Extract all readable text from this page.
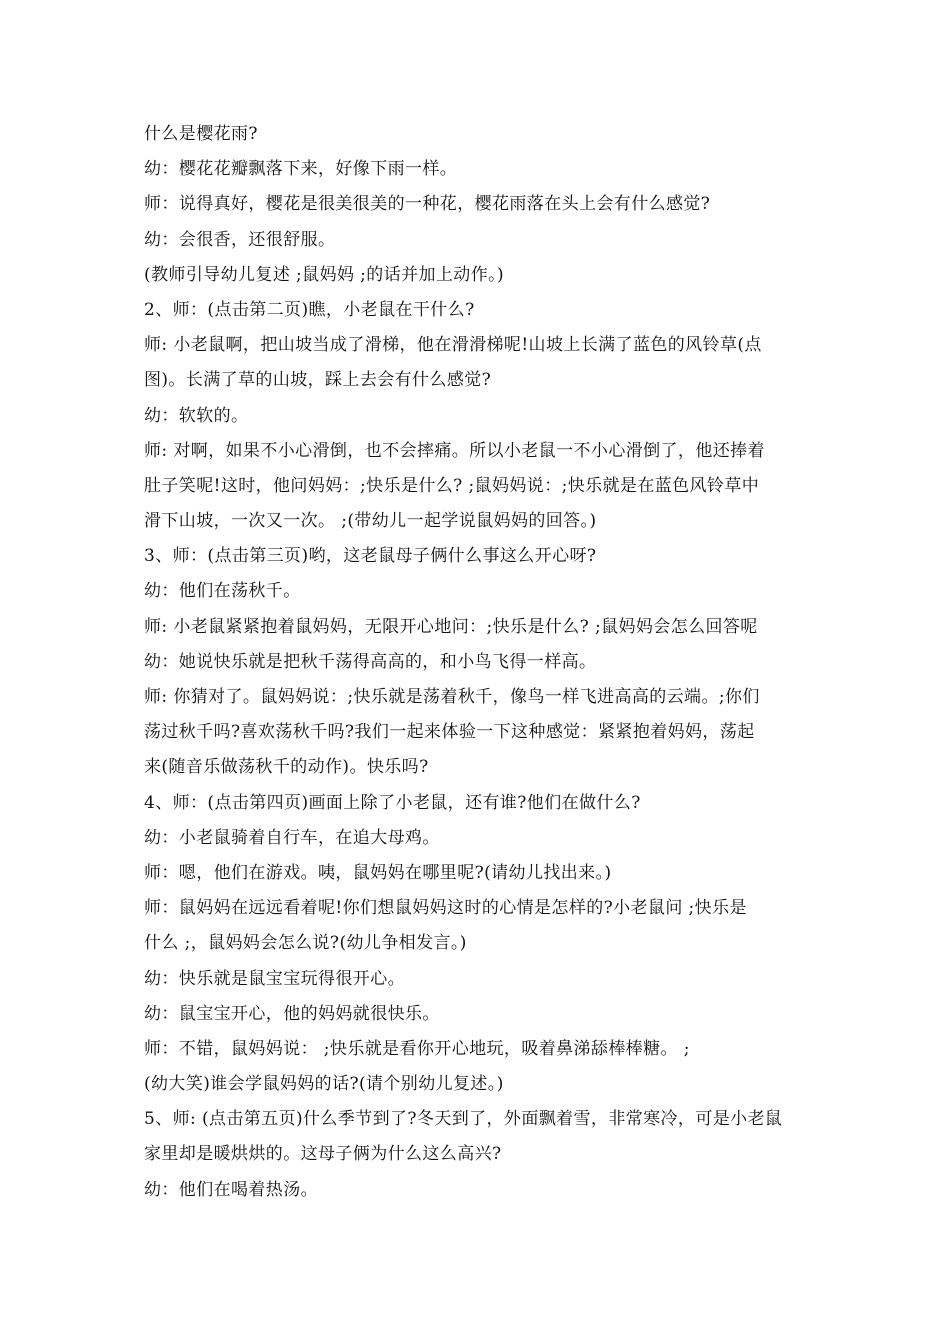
什么是樱花雨?
幼：樱花花瓣飘落下来，好像下雨一样。
师：说得真好，樱花是很美很美的一种花，樱花雨落在头上会有什么感觉?
幼：会很香，还很舒服。
(教师引导幼儿复述 ;鼠妈妈 ;的话并加上动作。)
2、师：(点击第二页)瞧，小老鼠在干什么?
师: 小老鼠啊，把山坡当成了滑梯，他在滑滑梯呢!山坡上长满了蓝色的风铃草(点
图)。长满了草的山坡，踩上去会有什么感觉?
幼：软软的。
师: 对啊，如果不小心滑倒，也不会摔痛。所以小老鼠一不小心滑倒了，他还捧着
肚子笑呢!这时，他问妈妈：;快乐是什么? ;鼠妈妈说：;快乐就是在蓝色风铃草中
滑下山坡，一次又一次。 ;(带幼儿一起学说鼠妈妈的回答。)
3、师：(点击第三页)哟，这老鼠母子俩什么事这么开心呀?
幼：他们在荡秋千。
师: 小老鼠紧紧抱着鼠妈妈，无限开心地问：;快乐是什么? ;鼠妈妈会怎么回答呢
幼：她说快乐就是把秋千荡得高高的，和小鸟飞得一样高。
师: 你猜对了。鼠妈妈说：;快乐就是荡着秋千，像鸟一样飞进高高的云端。;你们
荡过秋千吗?喜欢荡秋千吗?我们一起来体验一下这种感觉：紧紧抱着妈妈，荡起
来(随音乐做荡秋千的动作)。快乐吗?
4、师：(点击第四页)画面上除了小老鼠，还有谁?他们在做什么?
幼：小老鼠骑着自行车，在追大母鸡。
师：嗯，他们在游戏。咦，鼠妈妈在哪里呢?(请幼儿找出来。)
师：鼠妈妈在远远看着呢!你们想鼠妈妈这时的心情是怎样的?小老鼠问 ;快乐是
什么 ;，鼠妈妈会怎么说?(幼儿争相发言。)
幼：快乐就是鼠宝宝玩得很开心。
幼：鼠宝宝开心，他的妈妈就很快乐。
师：不错，鼠妈妈说： ;快乐就是看你开心地玩，吸着鼻涕舔棒棒糖。 ;
(幼大笑)谁会学鼠妈妈的话?(请个别幼儿复述。)
5、师: (点击第五页)什么季节到了?冬天到了，外面飘着雪，非常寒冷，可是小老鼠
家里却是暖烘烘的。这母子俩为什么这么高兴?
幼：他们在喝着热汤。
